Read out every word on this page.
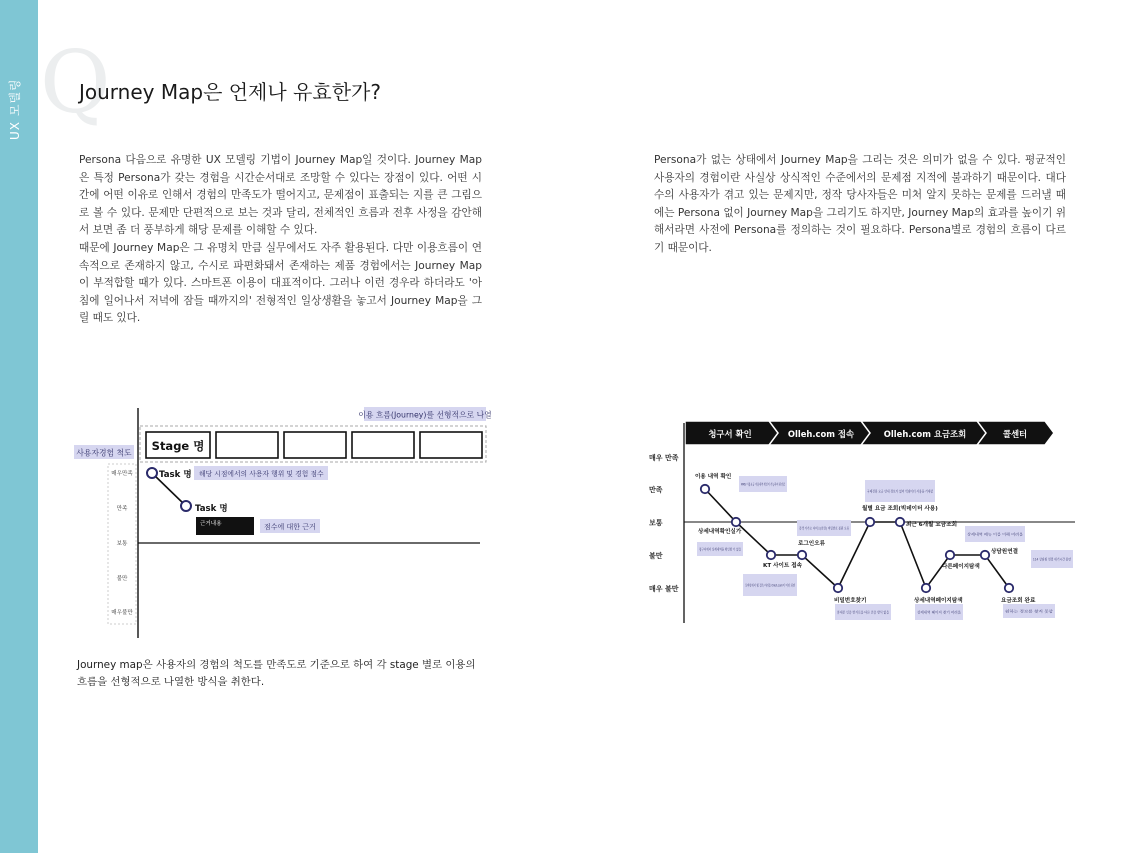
UX 모델링 Q
Journey Map은 언제나 유효한가?

Persona 다음으로 유명한 UX 모델링 기법이 Journey Map일 것이다. Journey Map은 특정 Persona가 갖는 경험을 시간순서대로 조망할 수 있다는 장점이 있다. 어떤 시간에 어떤 이유로 인해서 경험의 만족도가 떨어지고, 문제점이 표출되는 지를 큰 그림으로 볼 수 있다. 문제만 단편적으로 보는 것과 달리, 전체적인 흐름과 전후 사정을 감안해서 보면 좀 더 풍부하게 해당 문제를 이해할 수 있다.

때문에 Journey Map은 그 유명치 만큼 실무에서도 자주 활용된다. 다만 이용흐름이 연속적으로 존재하지 않고, 수시로 파편화돼서 존재하는 제품 경험에서는 Journey Map이 부적합할 때가 있다. 스마트폰 이용이 대표적이다. 그러나 이런 경우라 하더라도 '아침에 일어나서 저녁에 잠들 때까지의' 전형적인 일상생활을 놓고서 Journey Map을 그릴 때도 있다.

Persona가 없는 상태에서 Journey Map을 그리는 것은 의미가 없을 수 있다. 평균적인 사용자의 경험이란 사실상 상식적인 수준에서의 문제점 지적에 불과하기 때문이다. 대다수의 사용자가 겪고 있는 문제지만, 정작 당사자들은 미처 알지 못하는 문제를 드러낼 때에는 Persona 없이 Journey Map을 그리기도 하지만, Journey Map의 효과를 높이기 위해서라면 사전에 Persona를 정의하는 것이 필요하다. Persona별로 경험의 흐름이 다르기 때문이다.

이용 흐름(Journey)를 선형적으로 나열
Stage 명
사용자경험 척도
매우만족
만족
보통
불만
매우불만
Task 명 해당 시점에서의 사용자 행위 및 경험 점수
Task 명
근거내용	점수에 대한 근거

Journey map은 사용자의 경험의 척도를 만족도로 기준으로 하여 각 stage 별로 이용의 흐름을 선형적으로 나열한 방식을 취한다.

청구서 확인	Olleh.com 접속	Olleh.com 요금조회	콜센터
매우 만족
만족
보통
불만
매우 불만
MMS 이용요금 이용내역 확인이 가능하여 편리함
국제전화 요금 안내 정보가 없어 빅데이터 사용을 기대함
검색 카카오 서비스(안전) 비밀번호 불편 오류
청구서에서 상세내역을 확인할 수 없음
모바일에서 웹 접속 어려움 Olleh.com이 여러 화면
휴대폰 인증 번거로움 다른 인증 방식 없음	상세내역 페이지 찾기 어려움
상세내역 메뉴 이름 이해 어려움
114 상담원 연결 대기시간 불만
원하는 정보를 찾지 못함
이용 내역 확인
상세내역확인실가
KT 사이트 접속
로그인오류
비밀번호찾기
월별 요금 조회(빅데이터 사용)
최근 6개월 요금조회
상세내역페이지탐색
다른페이지탐색
상담원연결
요금조회 완료
